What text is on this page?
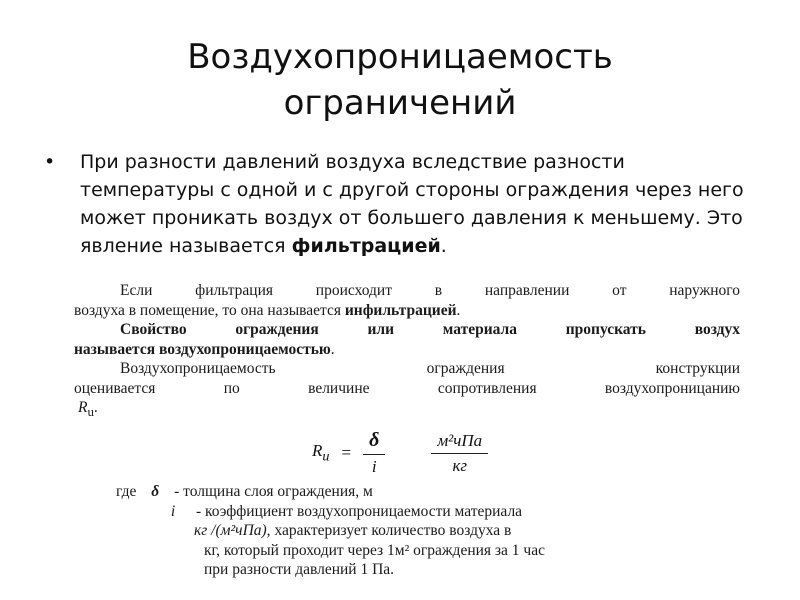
Воздухопроницаемость
ограничений
• При разности давлений воздуха вследствие разности температуры с одной и с другой стороны ограждения через него может проникать воздух от большего давления к меньшему. Это явление называется фильтрацией.
Если фильтрация происходит в направлении от наружного
воздуха в помещение, то она называется инфильтрацией.
Свойство ограждения или материала пропускать воздух
называется воздухопроницаемостью.
Воздухопроницаемость ограждения конструкции
оценивается по величине сопротивления воздухопроницанию
$R_u$.
$R_u = \frac{\delta}{i}$	$\frac{\text{м²чПа}}{кг}$
где δ - толщина слоя ограждения, м
i - коэффициент воздухопроницаемости материала
кг /(м²чПа), характеризует количество воздуха в
кг, который проходит через 1м² ограждения за 1 час
при разности давлений 1 Па.
